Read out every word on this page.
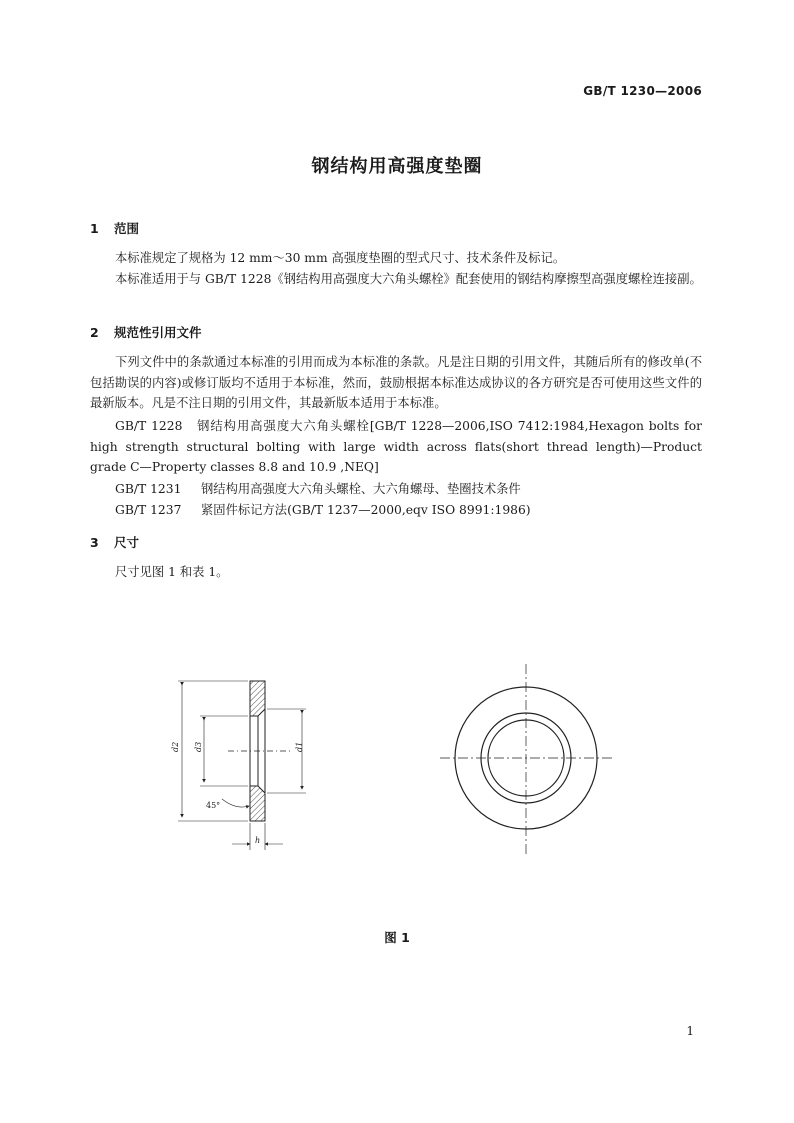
GB/T 1230—2006
钢结构用高强度垫圈
1 范围
本标准规定了规格为 12 mm～30 mm 高强度垫圈的型式尺寸、技术条件及标记。
本标准适用于与 GB/T 1228《钢结构用高强度大六角头螺栓》配套使用的钢结构摩擦型高强度螺栓连接副。
2 规范性引用文件
下列文件中的条款通过本标准的引用而成为本标准的条款。凡是注日期的引用文件，其随后所有的修改单(不包括勘误的内容)或修订版均不适用于本标准，然而，鼓励根据本标准达成协议的各方研究是否可使用这些文件的最新版本。凡是不注日期的引用文件，其最新版本适用于本标准。
GB/T 1228 钢结构用高强度大六角头螺栓[GB/T 1228—2006,ISO 7412:1984,Hexagon bolts for high strength structural bolting with large width across flats(short thread length)—Product grade C—Property classes 8.8 and 10.9 ,NEQ]
GB/T 1231 钢结构用高强度大六角头螺栓、大六角螺母、垫圈技术条件
GB/T 1237 紧固件标记方法(GB/T 1237—2000,eqv ISO 8991:1986)
3 尺寸
尺寸见图 1 和表 1。
d2 d3	d1
h
45°
图 1
1
